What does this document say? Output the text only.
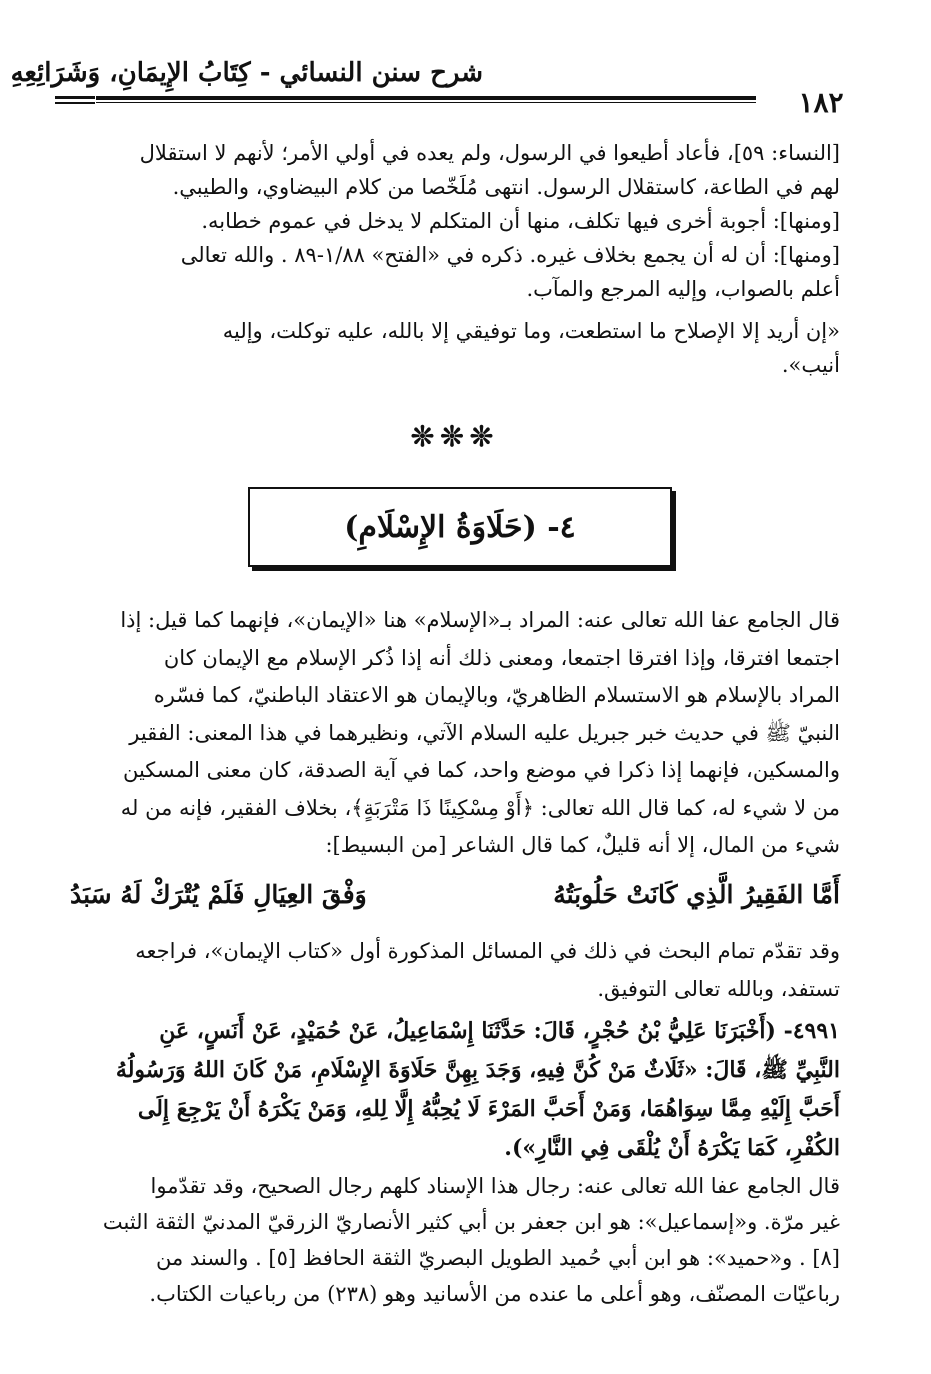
شرح سنن النسائي - كِتَابُ الإِيمَانِ، وَشَرَائِعِهِ
١٨٢

[النساء: ٥٩]، فأعاد أطيعوا في الرسول، ولم يعده في أولي الأمر؛ لأنهم لا استقلال

لهم في الطاعة، كاستقلال الرسول. انتهى مُلَخّصا من كلام البيضاوي، والطيبي.

[ومنها]: أجوبة أخرى فيها تكلف، منها أن المتكلم لا يدخل في عموم خطابه.

[ومنها]: أن له أن يجمع بخلاف غيره. ذكره في «الفتح» ١/٨٨-٨٩ . والله تعالى

أعلم بالصواب، وإليه المرجع والمآب.

«إن أريد إلا الإصلاح ما استطعت، وما توفيقي إلا بالله، عليه توكلت، وإليه

أنيب».

❊❊❊
٤- (حَلَاوَةُ الإِسْلَامِ)

قال الجامع عفا الله تعالى عنه: المراد بـ«الإسلام» هنا «الإيمان»، فإنهما كما قيل: إذا

اجتمعا افترقا، وإذا افترقا اجتمعا، ومعنى ذلك أنه إذا ذُكر الإسلام مع الإيمان كان

المراد بالإسلام هو الاستسلام الظاهريّ، وبالإيمان هو الاعتقاد الباطنيّ، كما فسّره

النبيّ ﷺ في حديث خبر جبريل عليه السلام الآتي، ونظيرهما في هذا المعنى: الفقير

والمسكين، فإنهما إذا ذكرا في موضع واحد، كما في آية الصدقة، كان معنى المسكين

من لا شيء له، كما قال الله تعالى: ﴿أَوْ مِسْكِينًا ذَا مَتْرَبَةٍ﴾، بخلاف الفقير، فإنه من له

شيء من المال، إلا أنه قليلٌ، كما قال الشاعر [من البسيط]:

أَمَّا الفَقِيرُ الَّذِي كَانَتْ حَلُوبَتُهُ
وَفْقَ العِيَالِ فَلَمْ يُتْرَكْ لَهُ سَبَدُ

وقد تقدّم تمام البحث في ذلك في المسائل المذكورة أول «كتاب الإيمان»، فراجعه

تستفد، وبالله تعالى التوفيق.

٤٩٩١- (أَخْبَرَنَا عَلِيُّ بْنُ حُجْرٍ، قَالَ: حَدَّثَنَا إِسْمَاعِيلُ، عَنْ حُمَيْدٍ، عَنْ أَنَسٍ، عَنِ

النَّبِيِّ ﷺ، قَالَ: «ثَلَاثٌ مَنْ كُنَّ فِيهِ، وَجَدَ بِهِنَّ حَلَاوَةَ الإِسْلَامِ، مَنْ كَانَ اللهُ وَرَسُولُهُ

أَحَبَّ إِلَيْهِ مِمَّا سِوَاهُمَا، وَمَنْ أَحَبَّ المَرْءَ لَا يُحِبُّهُ إِلَّا لِلهِ، وَمَنْ يَكْرَهُ أَنْ يَرْجِعَ إِلَى

الكُفْرِ، كَمَا يَكْرَهُ أَنْ يُلْقَى فِي النَّارِ»).

قال الجامع عفا الله تعالى عنه: رجال هذا الإسناد كلهم رجال الصحيح، وقد تقدّموا

غير مرّة. و«إسماعيل»: هو ابن جعفر بن أبي كثير الأنصاريّ الزرقيّ المدنيّ الثقة الثبت

[٨] . و«حميد»: هو ابن أبي حُميد الطويل البصريّ الثقة الحافظ [٥] . والسند من

رباعيّات المصنّف، وهو أعلى ما عنده من الأسانيد وهو (٢٣٨) من رباعيات الكتاب.
